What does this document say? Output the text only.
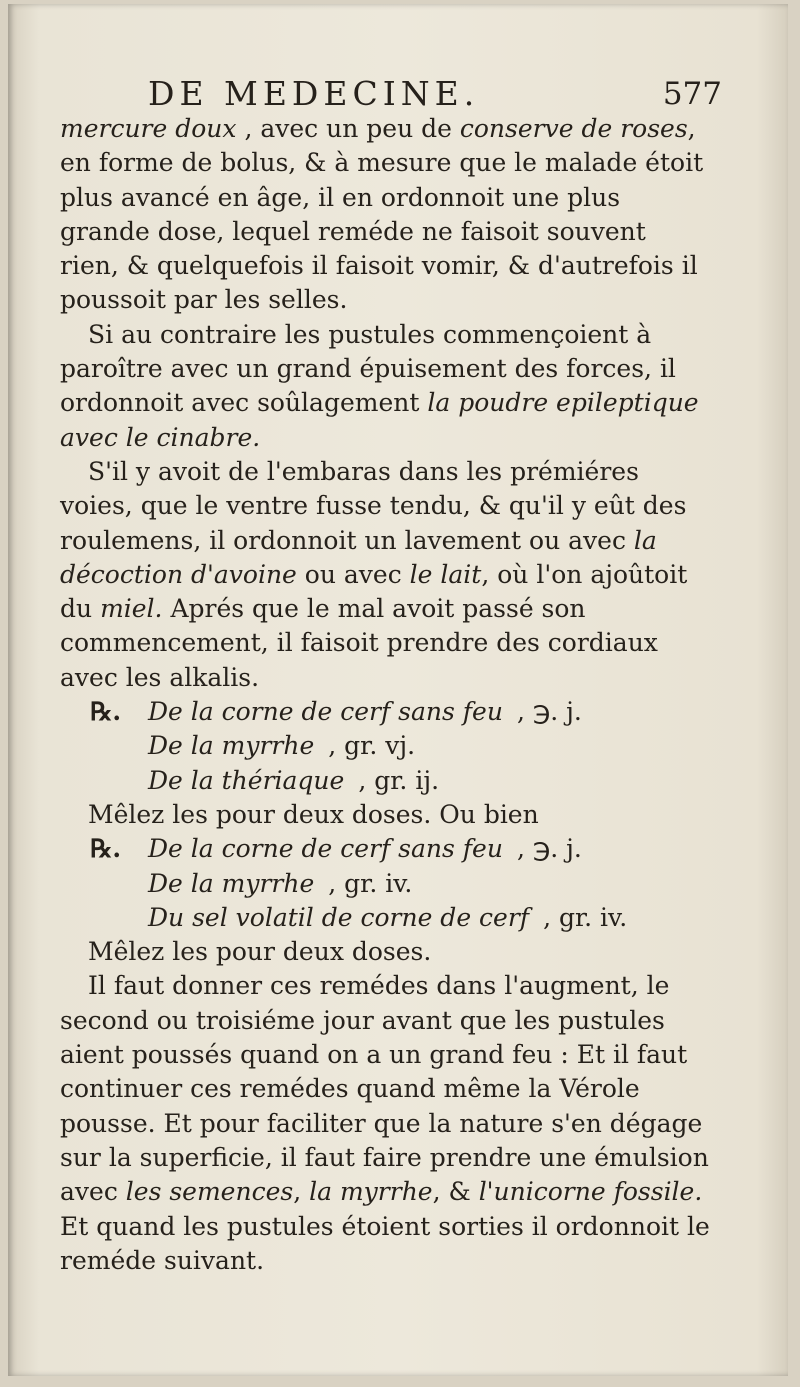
DE MEDECINE.	577

mercure doux , avec un peu de conserve de roses, en forme de bolus, & à mesure que le malade étoit plus avancé en âge, il en ordonnoit une plus grande dose, lequel reméde ne faisoit souvent rien, & quelquefois il faisoit vomir, & d'autrefois il poussoit par les selles.

Si au contraire les pustules commençoient à paroître avec un grand épuisement des forces, il ordonnoit avec soûlagement la poudre epileptique avec le cinabre.

S'il y avoit de l'embaras dans les prémiéres voies, que le ventre fusse tendu, & qu'il y eût des roulemens, il ordonnoit un lavement ou avec la décoction d'avoine ou avec le lait, où l'on ajoûtoit du miel. Aprés que le mal avoit passé son commencement, il faisoit prendre des cordiaux avec les alkalis.

℞.	De la corne de cerf sans feu , ℈. j.
De la myrrhe , gr. vj.
De la thériaque , gr. ij.

Mêlez les pour deux doses. Ou bien

℞.	De la corne de cerf sans feu , ℈. j.
De la myrrhe , gr. iv.
Du sel volatil de corne de cerf , gr. iv.

Mêlez les pour deux doses.

Il faut donner ces remédes dans l'augment, le second ou troisiéme jour avant que les pustules aient poussés quand on a un grand feu : Et il faut continuer ces remédes quand même la Vérole pousse. Et pour faciliter que la nature s'en dégage sur la superficie, il faut faire prendre une émulsion avec les semences, la myrrhe, & l'unicorne fossile. Et quand les pustules étoient sorties il ordonnoit le reméde suivant.
